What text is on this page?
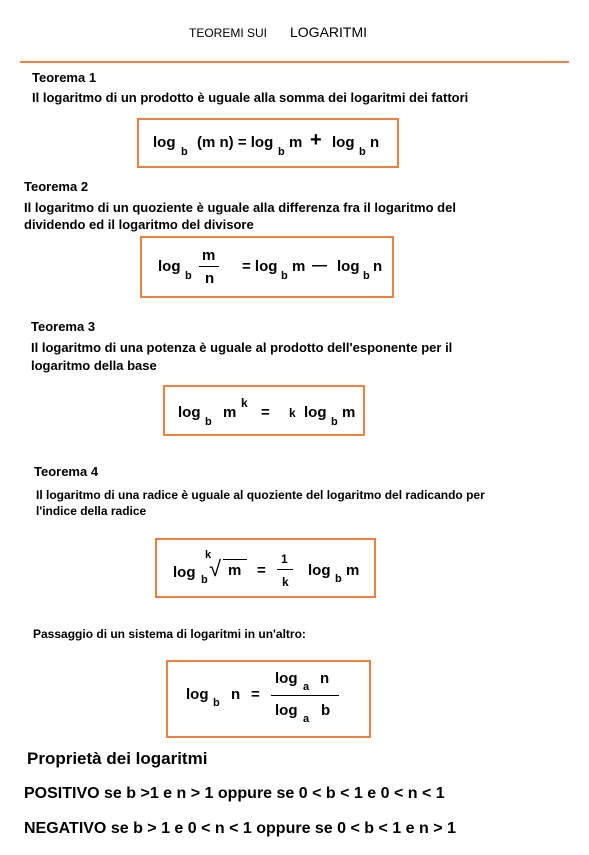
TEOREMI SUI LOGARITMI
Teorema 1
Il logaritmo di un prodotto è uguale alla somma dei logaritmi dei fattori
log
b
(m n) = log
b
m + log
b
n
Teorema 2
Il logaritmo di un quoziente è uguale alla differenza fra il logaritmo del
dividendo ed il logaritmo del divisore
log
b
m
n
= log
b
m — log
b
n
Teorema 3
Il logaritmo di una potenza è uguale al prodotto dell'esponente per il
logaritmo della base
log
b
m
k
= k log
b
m
Teorema 4
Il logaritmo di una radice è uguale al quoziente del logaritmo del radicando per
l'indice della radice
log b
k
√ m =
1
k
log b m
Passaggio di un sistema di logaritmi in un'altro:
log b n =
log a n
log a b
Proprietà dei logaritmi
POSITIVO se b >1 e n > 1 oppure se 0 < b < 1 e 0 < n < 1
NEGATIVO se b > 1 e 0 < n < 1 oppure se 0 < b < 1 e n > 1
